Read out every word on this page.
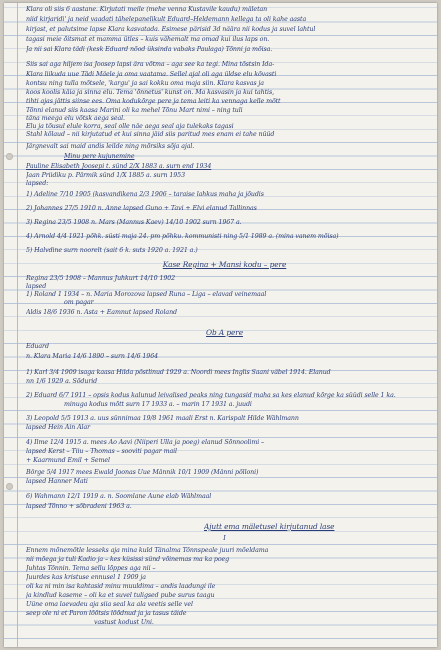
Klara oli siis 6 aastane. Kirjutati meile (mehe venna Kustavile kaudu) mäletan
niid kirjaridi' ja neid vaadati tähelepanelikult Eduard–Heldemann kellega ta oli kahe aasta
kirjast, et palutsime lapse Klara kasvatada. Esimese pärisid 3d näära nii kodus ja suvel lahtul
tagasi meie õitsmat et mamma ütles – kuis vähemalt ma omad kui ilus laps on.
Ja nii sai Klara tädi (kesk Eduard nõod üksinda vabaks Paulaga) Tõnni ja mõisa.
Siis sai aga hiljem isa Joosep lapsi ära võtma – aga see ka tegi. Mina tõstsin Ida-
Klara liikuda uue Tädi Mäele ja oma vaatama. Sellel ajal oli aga üldse elu kõvasti
kontsu ning tulla mõtsele, 'kargu' ja sai kokku oma maja siin. Klara kasvas ja
koos koolis käia ja sinna elu. Tema 'õnnetus' kunst on. Ma kasvasin ja kui tahtis,
tihti ajas jättis siinse ees. Oma kodukõrge pere ja tema leiti ka vennaga kelle mõtt
Tõnni elanud siis kaasa Marini oli ka mehel Tõnu Mart nimi – ning tuli
täna meega elu võtsk aega seal.
Elu ja tõusul elule korra, seal olle näe aega seal aja tulekaks tagasi
Stahl kõlaud – nii kirjutatud et kui sinna jäid siis paritud mes enam ei tahe nüüd
Järgnevalt sai maid andis leilde ning mõrsiks sõja ajal.
Minu pere kujunemine
Pauline Elisabeth Joosepi t. sünd 2/X 1883 a. surn end 1934
Jaan Priidiku p. Pärmik sünd 1/X 1885 a. surn 1953
lapsed:
1) Adeline 7/10 1905 (kasvandikena 2/3 1906 – taraise lahkus maha ja jõudis
2) Johannes 27/5 1910 n. Anne lapsed Guno + Tavi + Elvi elanud Tallinnas
3) Regina 23/5 1908 n. Mars (Mannus Kaev) 14/10 1902 surn 1967 a.
4) Arnold 4/4 1921 põhk. süsti maja 24. pm põhku. kommunisti ning 5/1 1989 a. (mina vanem mõisa)
5) Halvdine surn noorelt (sait 6 k. suts 1920 a. 1921 a.)
Kase Regina + Mansi kodu – pere
Regina 23/5 1908 – Mannus Juhkurt 14/10 1902
lapsed
1) Roland 1 1934 – n. Maria Morozova lapsed Runa – Liga – elavad veinemaal
om pagar
Aldis 18/6 1936 n. Asta + Eamnut lapsed Roland
Ob A pere
Eduard
n. Klara Maria 14/6 1890 – surn 14/6 1964
1) Karl 3/4 1909 isaga kaasa Hilda põstlinud 1929 a. Noordi mees Inglis Saani väbel 1914. Elanud
nn 1/6 1929 a. Sõdurid
2) Eduard 6/7 1911 – opsis kodus kalunud leivalised peaks ning tungasid maha sa kes elanud kõrge ka süüdi selle 1 ka.
minuga kodus mõtt surn 17 1933 a. – marin 17 1931 a. juudi
3) Leopold 5/5 1913 a. uus sünnimaa 19/8 1961 maali Erst n. Karispalt Hilde Wählmann
lapsed Hein Ain Alar
4) Ilme 12/4 1915 a. mees Ao Aavi (Niiperi Ulla ja poeg) elanud Sõnnoolimi –
lapsed Kerst – Tiiu – Thomas – sooviti pagar mail
+ Kaarmund Emil + Semel
Börge 5/4 1917 mees Ewald Joonas Uue Männik 10/1 1909 (Männi põlloni)
lapsed Hanner Mati
6) Wahmann 12/1 1919 a. n. Soomlane Aune elab Wählmaal
lapsed Tõnno + sõbradeni 1963 a.
Ajutt ema mäletusel kirjutanud lase
I
Ennem mõnemõtle lesseks aja mina kuld Tänalma Tõnnspeale juuri mõeldama
nii mõega ja tuli Kadio ja – kes küsissi sünd võinemas ma ka poeg
Juhtas Tõnnin. Tema sellu lõppes aga nii –
Juurdes kas kristuse ennusel 1 1909 ja
oli ka ni min isa kahtasid minu muuldima – andis laadungi ile
ja kindlud kaseme – oli ka et suvel tuligsed pube surus taagu
Üüne oma laevadeu aja siia seal ka ala veetis selle vel
seep ole ni et Paron lõõtsis lõõdnud ja ja tasus täide
vastust kodust Uni.
